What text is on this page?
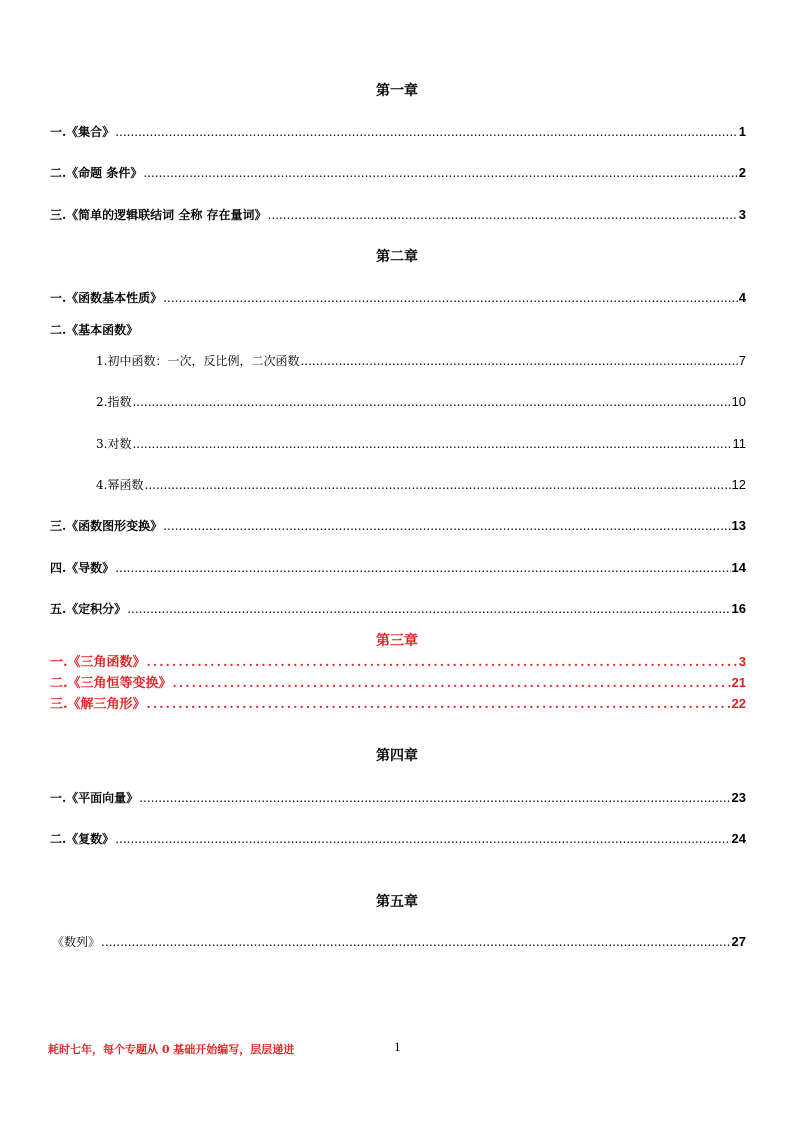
第一章
一.《集合》 .....	1
二.《命题 条件》 .....	2
三.《简单的逻辑联结词 全称 存在量词》 .....	3
第二章
一.《函数基本性质》 .....	4
二.《基本函数》
1.初中函数：一次，反比例，二次函数 .....	7
2.指数 .....	10
3.对数 .....	11
4.幂函数 .....	12
三.《函数图形变换》 .....	13
四.《导数》 .....	14
五.《定积分》 .....	16
第三章
一.《三角函数》 .....	3
二.《三角恒等变换》 .....	21
三.《解三角形》 .....	22
第四章
一.《平面向量》 .....	23
二.《复数》 .....	24
第五章
《数列》 .....	27
耗时七年，每个专题从 0 基础开始编写，层层递进	1
